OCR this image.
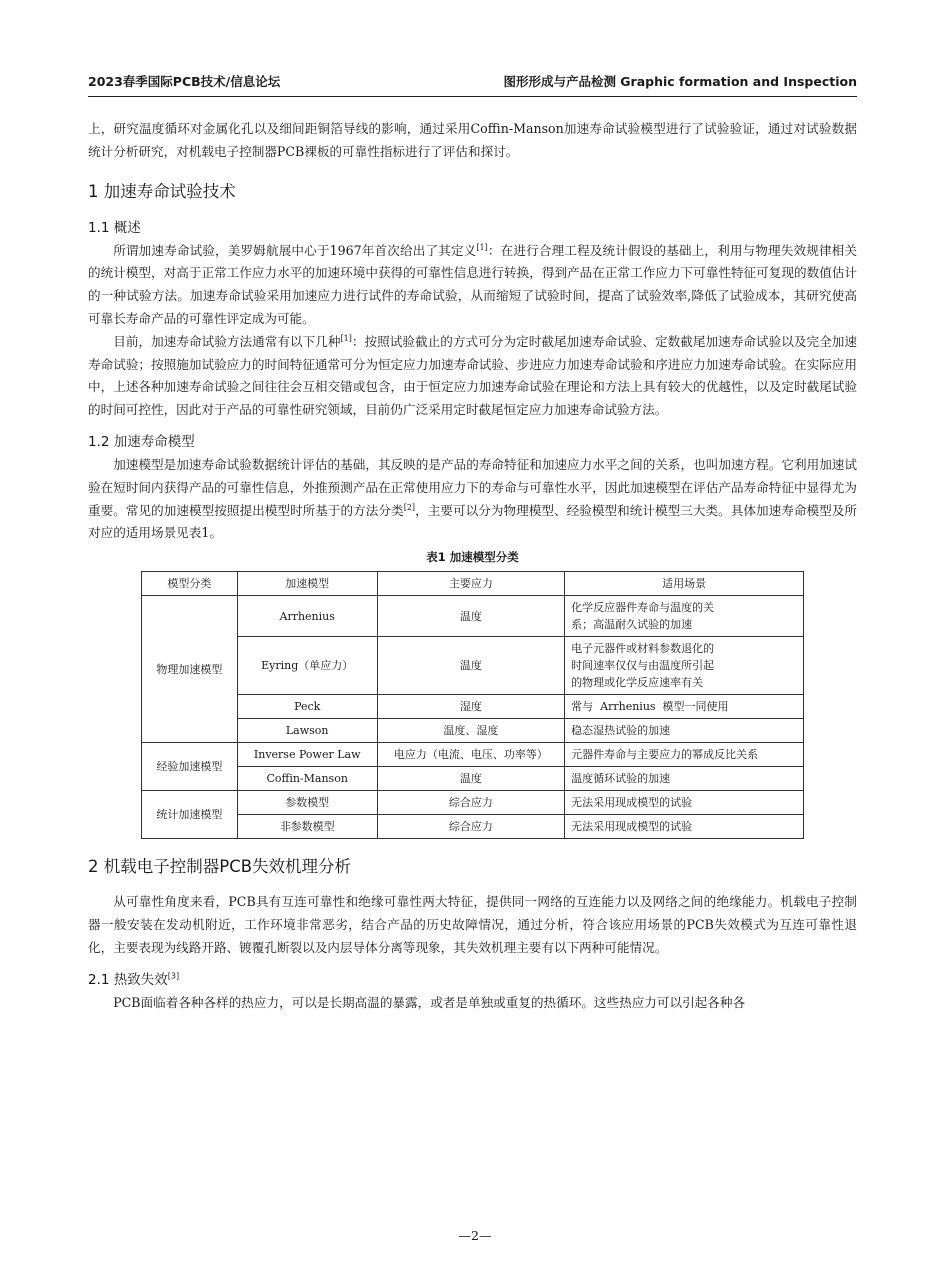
2023春季国际PCB技术/信息论坛	图形形成与产品检测 Graphic formation and Inspection

上，研究温度循环对金属化孔以及细间距铜箔导线的影响，通过采用Coffin-Manson加速寿命试验模型进行了试验验证，通过对试验数据统计分析研究，对机载电子控制器PCB裸板的可靠性指标进行了评估和探讨。

1 加速寿命试验技术
1.1 概述

所谓加速寿命试验，美罗姆航展中心于1967年首次给出了其定义[1]：在进行合理工程及统计假设的基础上，利用与物理失效规律相关的统计模型，对高于正常工作应力水平的加速环境中获得的可靠性信息进行转换，得到产品在正常工作应力下可靠性特征可复现的数值估计的一种试验方法。加速寿命试验采用加速应力进行试件的寿命试验，从而缩短了试验时间，提高了试验效率,降低了试验成本，其研究使高可靠长寿命产品的可靠性评定成为可能。

目前，加速寿命试验方法通常有以下几种[1]：按照试验截止的方式可分为定时截尾加速寿命试验、定数截尾加速寿命试验以及完全加速寿命试验；按照施加试验应力的时间特征通常可分为恒定应力加速寿命试验、步进应力加速寿命试验和序进应力加速寿命试验。在实际应用中，上述各种加速寿命试验之间往往会互相交错或包含，由于恒定应力加速寿命试验在理论和方法上具有较大的优越性，以及定时截尾试验的时间可控性，因此对于产品的可靠性研究领域，目前仍广泛采用定时截尾恒定应力加速寿命试验方法。

1.2 加速寿命模型

加速模型是加速寿命试验数据统计评估的基础，其反映的是产品的寿命特征和加速应力水平之间的关系，也叫加速方程。它利用加速试验在短时间内获得产品的可靠性信息，外推预测产品在正常使用应力下的寿命与可靠性水平，因此加速模型在评估产品寿命特征中显得尤为重要。常见的加速模型按照提出模型时所基于的方法分类[2]，主要可以分为物理模型、经验模型和统计模型三大类。具体加速寿命模型及所对应的适用场景见表1。

表1 加速模型分类
模型分类	加速模型	主要应力	适用场景
物理加速模型	Arrhenius	温度	化学反应器件寿命与温度的关
系；高温耐久试验的加速

	Eyring（单应力）	温度	电子元器件或材料参数退化的
时间速率仅仅与由温度所引起
的物理或化学反应速率有关

	Peck	湿度	常与  Arrhenius  模型一同使用
	Lawson	温度、湿度	稳态湿热试验的加速
经验加速模型	Inverse Power Law	电应力（电流、电压、功率等）	元器件寿命与主要应力的幂成反比关系
	Coffin-Manson	温度	温度循环试验的加速
统计加速模型	参数模型	综合应力	无法采用现成模型的试验
	非参数模型	综合应力	无法采用现成模型的试验
2 机载电子控制器PCB失效机理分析

从可靠性角度来看，PCB具有互连可靠性和绝缘可靠性两大特征，提供同一网络的互连能力以及网络之间的绝缘能力。机载电子控制器一般安装在发动机附近，工作环境非常恶劣，结合产品的历史故障情况，通过分析，符合该应用场景的PCB失效模式为互连可靠性退化，主要表现为线路开路、镀覆孔断裂以及内层导体分离等现象，其失效机理主要有以下两种可能情况。

2.1 热致失效[3]

PCB面临着各种各样的热应力，可以是长期高温的暴露，或者是单独或重复的热循环。这些热应力可以引起各种各

—2—
